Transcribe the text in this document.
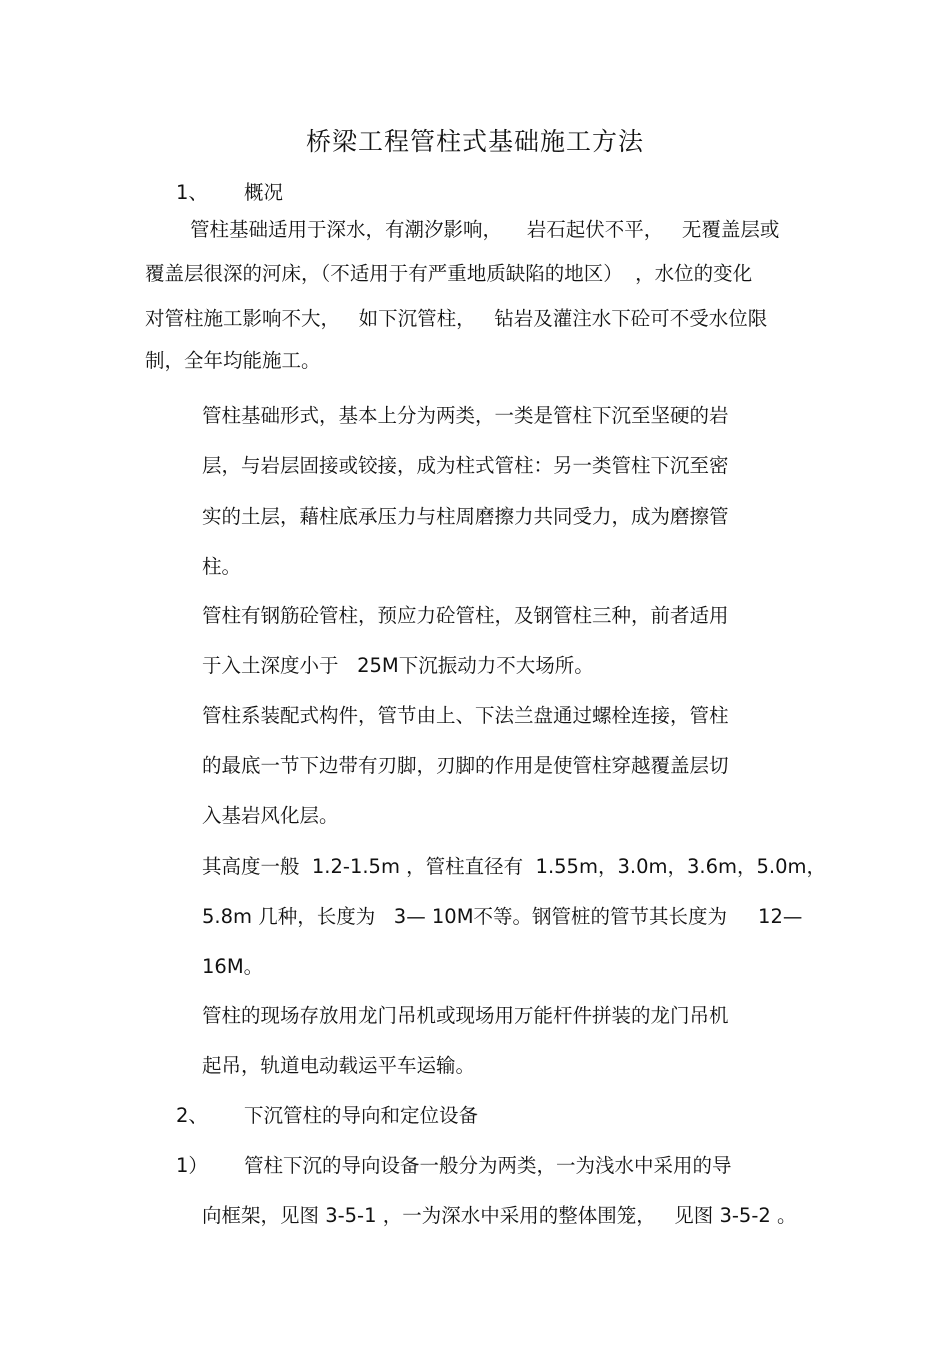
桥梁工程管柱式基础施工方法
1、 概况
管柱基础适用于深水，有潮汐影响，    岩石起伏不平，   无覆盖层或
覆盖层很深的河床，（不适用于有严重地质缺陷的地区）  ，水位的变化
对管柱施工影响不大，   如下沉管柱，   钻岩及灌注水下砼可不受水位限
制，全年均能施工。
管柱基础形式，基本上分为两类，一类是管柱下沉至坚硬的岩
层，与岩层固接或铰接，成为柱式管柱：另一类管柱下沉至密
实的土层，藉柱底承压力与柱周磨擦力共同受力，成为磨擦管
柱。
管柱有钢筋砼管柱，预应力砼管柱，及钢管柱三种，前者适用
于入土深度小于   25M下沉振动力不大场所。
管柱系装配式构件，管节由上、下法兰盘通过螺栓连接，管柱
的最底一节下边带有刃脚，刃脚的作用是使管柱穿越覆盖层切
入基岩风化层。
其高度一般  1.2-1.5m ，管柱直径有  1.55m，3.0m，3.6m，5.0m，
5.8m 几种，长度为   3— 10M不等。钢管桩的管节其长度为     12—
16M。
管柱的现场存放用龙门吊机或现场用万能杆件拼装的龙门吊机
起吊，轨道电动载运平车运输。
2、 下沉管柱的导向和定位设备
1） 管柱下沉的导向设备一般分为两类，一为浅水中采用的导
向框架，见图 3-5-1 ，一为深水中采用的整体围笼，   见图 3-5-2 。
